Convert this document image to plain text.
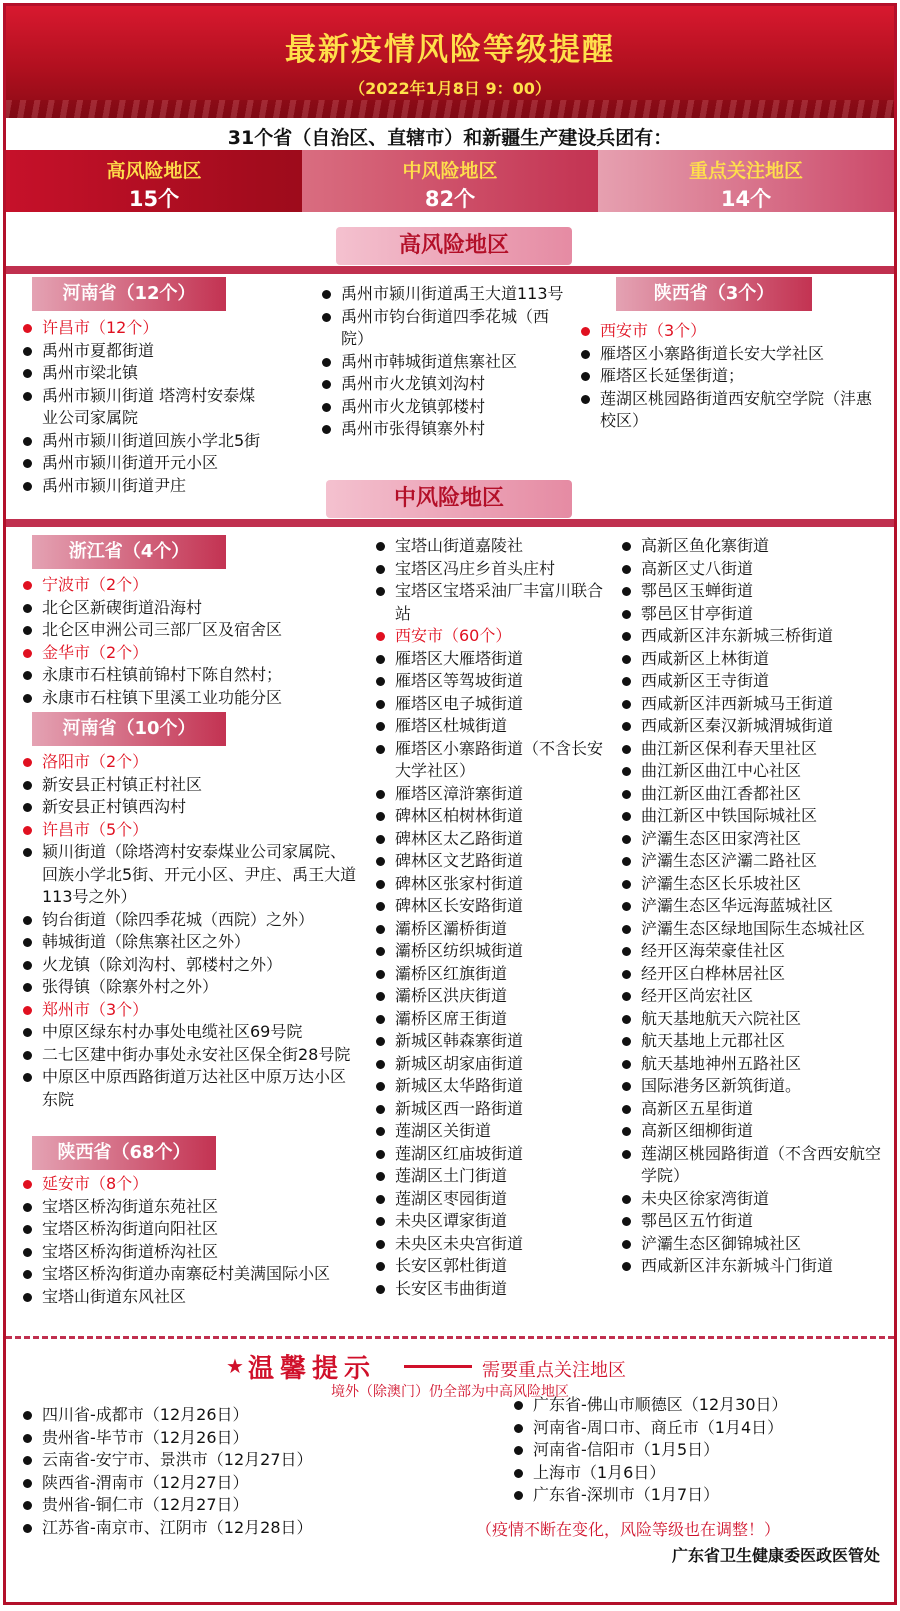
最新疫情风险等级提醒
（2022年1月8日 9：00）
31个省（自治区、直辖市）和新疆生产建设兵团有：
高风险地区
15个
中风险地区
82个
重点关注地区
14个
高风险地区
河南省（12个）	陕西省（3个）
许昌市（12个）
禹州市夏都街道
禹州市梁北镇
禹州市颍川街道 塔湾村安泰煤业公司家属院
禹州市颍川街道回族小学北5街
禹州市颍川街道开元小区
禹州市颍川街道尹庄
禹州市颍川街道禹王大道113号
禹州市钧台街道四季花城（西院）
禹州市韩城街道焦寨社区
禹州市火龙镇刘沟村
禹州市火龙镇郭楼村
禹州市张得镇寨外村
西安市（3个）
雁塔区小寨路街道长安大学社区
雁塔区长延堡街道；
莲湖区桃园路街道西安航空学院（沣惠校区）
中风险地区
浙江省（4个）
宁波市（2个）
北仑区新碶街道沿海村
北仑区申洲公司三部厂区及宿舍区
金华市（2个）
永康市石柱镇前锦村下陈自然村；
永康市石柱镇下里溪工业功能分区
河南省（10个）
洛阳市（2个）
新安县正村镇正村社区
新安县正村镇西沟村
许昌市（5个）
颍川街道（除塔湾村安泰煤业公司家属院、回族小学北5街、开元小区、尹庄、禹王大道113号之外）
钧台街道（除四季花城（西院）之外）
韩城街道（除焦寨社区之外）
火龙镇（除刘沟村、郭楼村之外）
张得镇（除寨外村之外）
郑州市（3个）
中原区绿东村办事处电缆社区69号院
二七区建中街办事处永安社区保全街28号院
中原区中原西路街道万达社区中原万达小区东院
陕西省（68个）
延安市（8个）
宝塔区桥沟街道东苑社区
宝塔区桥沟街道向阳社区
宝塔区桥沟街道桥沟社区
宝塔区桥沟街道办南寨砭村美满国际小区
宝塔山街道东风社区
宝塔山街道嘉陵社
宝塔区冯庄乡首头庄村
宝塔区宝塔采油厂丰富川联合站
西安市（60个）
雁塔区大雁塔街道
雁塔区等驾坡街道
雁塔区电子城街道
雁塔区杜城街道
雁塔区小寨路街道（不含长安大学社区）
雁塔区漳浒寨街道
碑林区柏树林街道
碑林区太乙路街道
碑林区文艺路街道
碑林区张家村街道
碑林区长安路街道
灞桥区灞桥街道
灞桥区纺织城街道
灞桥区红旗街道
灞桥区洪庆街道
灞桥区席王街道
新城区韩森寨街道
新城区胡家庙街道
新城区太华路街道
新城区西一路街道
莲湖区关街道
莲湖区红庙坡街道
莲湖区土门街道
莲湖区枣园街道
未央区谭家街道
未央区未央宫街道
长安区郭杜街道
长安区韦曲街道
高新区鱼化寨街道
高新区丈八街道
鄠邑区玉蝉街道
鄠邑区甘亭街道
西咸新区沣东新城三桥街道
西咸新区上林街道
西咸新区王寺街道
西咸新区沣西新城马王街道
西咸新区秦汉新城渭城街道
曲江新区保利春天里社区
曲江新区曲江中心社区
曲江新区曲江香都社区
曲江新区中铁国际城社区
浐灞生态区田家湾社区
浐灞生态区浐灞二路社区
浐灞生态区长乐坡社区
浐灞生态区华远海蓝城社区
浐灞生态区绿地国际生态城社区
经开区海荣豪佳社区
经开区白桦林居社区
经开区尚宏社区
航天基地航天六院社区
航天基地上元郡社区
航天基地神州五路社区
国际港务区新筑街道。
高新区五星街道
高新区细柳街道
莲湖区桃园路街道（不含西安航空学院）
未央区徐家湾街道
鄠邑区五竹街道
浐灞生态区御锦城社区
西咸新区沣东新城斗门街道
★ 温馨提示	需要重点关注地区
境外（除澳门）仍全部为中高风险地区
四川省-成都市（12月26日）
贵州省-毕节市（12月26日）
云南省-安宁市、景洪市（12月27日）
陕西省-渭南市（12月27日）
贵州省-铜仁市（12月27日）
江苏省-南京市、江阴市（12月28日）
广东省-佛山市顺德区（12月30日）
河南省-周口市、商丘市（1月4日）
河南省-信阳市（1月5日）
上海市（1月6日）
广东省-深圳市（1月7日）
（疫情不断在变化，风险等级也在调整！）
广东省卫生健康委医政医管处
